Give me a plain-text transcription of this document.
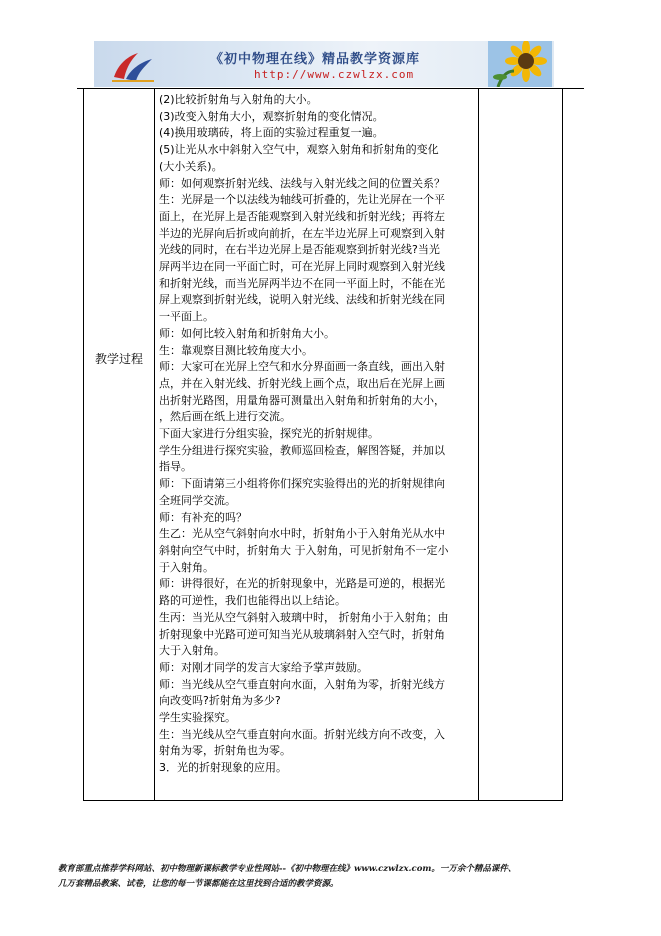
《初中物理在线》精品教学资源库
http://www.czwlzx.com
教学过程

(2)比较折射角与入射角的大小。

(3)改变入射角大小，观察折射角的变化情况。

(4)换用玻璃砖，将上面的实验过程重复一遍。

(5)让光从水中斜射入空气中，观察入射角和折射角的变化

(大小关系)。

师：如何观察折射光线、法线与入射光线之间的位置关系？

生：光屏是一个以法线为轴线可折叠的，先让光屏在一个平

面上，在光屏上是否能观察到入射光线和折射光线；再将左

半边的光屏向后折或向前折，在左半边光屏上可观察到入射

光线的同时，在右半边光屏上是否能观察到折射光线?当光

屏两半边在同一平面亡时，可在光屏上同时观察到入射光线

和折射光线，而当光屏两半边不在同一平面上时，不能在光

屏上观察到折射光线，说明入射光线、法线和折射光线在同

一平面上。

师：如何比较入射角和折射角大小。

生：靠观察目测比较角度大小。

师：大家可在光屏上空气和水分界面画一条直线，画出入射

点，并在入射光线、折射光线上画个点，取出后在光屏上画

出折射光路图，用量角器可测量出入射角和折射角的大小，

，然后画在纸上进行交流。

下面大家进行分组实验，探究光的折射规律。

学生分组进行探究实验，教师巡回检查，解图答疑，并加以

指导。

师：下面请第三小组将你们探究实验得出的光的折射规律向

全班同学交流。

师：有补充的吗？

生乙：光从空气斜射向水中时，折射角小于入射角光从水中

斜射向空气中时，折射角大 于入射角，可见折射角不一定小

于入射角。

师：讲得很好，在光的折射现象中，光路是可逆的，根据光

路的可逆性，我们也能得出以上结论。

生丙：当光从空气斜射入玻璃中时， 折射角小于入射角；由

折射现象中光路可逆可知当光从玻璃斜射入空气时，折射角

大于入射角。

师：对刚才同学的发言大家给予掌声鼓励。

师：当光线从空气垂直射向水面，入射角为零，折射光线方

向改变吗?折射角为多少?

学生实验探究。

生：当光线从空气垂直射向水面。折射光线方向不改变，入

射角为零，折射角也为零。

3．光的折射现象的应用。

教育部重点推荐学科网站、初中物理新课标教学专业性网站--《初中物理在线》www.czwlzx.com。一万余个精品课件、

几万套精品教案、试卷，让您的每一节课都能在这里找到合适的教学资源。
